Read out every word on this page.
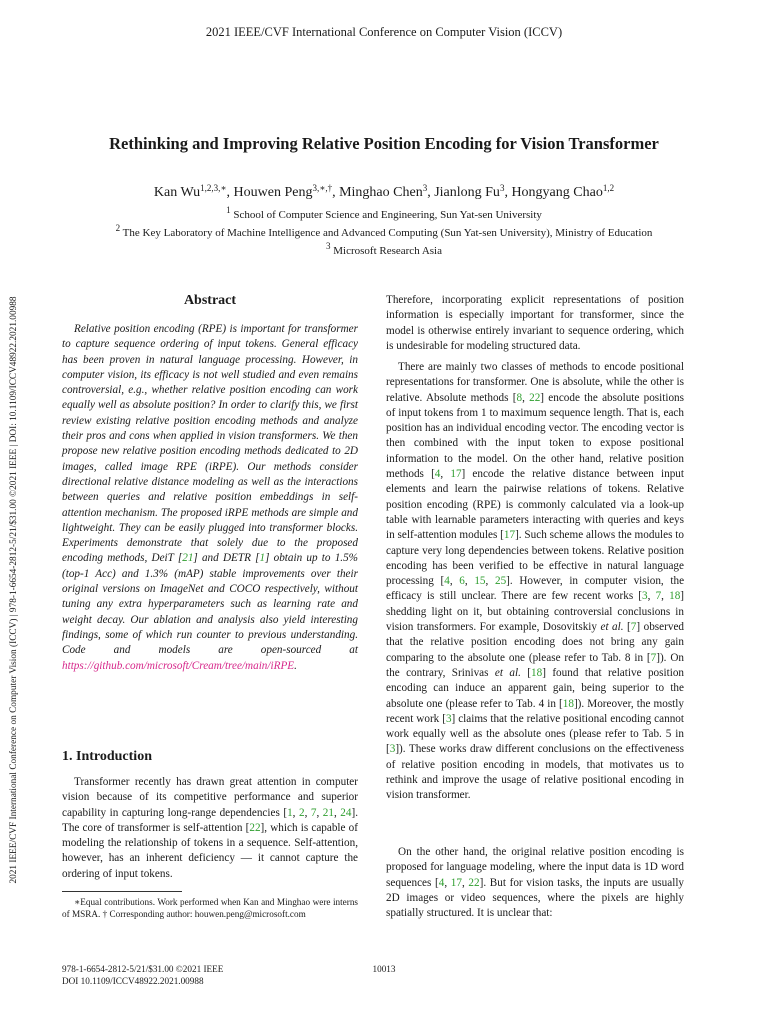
2021 IEEE/CVF International Conference on Computer Vision (ICCV)
Rethinking and Improving Relative Position Encoding for Vision Transformer
Kan $Wu^{1,2,3,∗}$, Houwen Peng$^{3,∗,\dagger}$, Minghao Chen$^3$, Jianlong Fu$^3$, Hongyang Chao$^{1,2}$
$^1$ School of Computer Science and Engineering, Sun Yat-sen University
$^2$ The Key Laboratory of Machine Intelligence and Advanced Computing (Sun Yat-sen University), Ministry of Education
$^3$ Microsoft Research Asia
2021 IEEE/CVF International Conference on Computer Vision (ICCV) | 978-1-6654-2812-5/21/$31.00 ©2021 IEEE | DOI: 10.1109/ICCV48922.2021.00988	Abstract

Relative position encoding (RPE) is important for transformer to capture sequence ordering of input tokens. General efficacy has been proven in natural language processing. However, in computer vision, its efficacy is not well studied and even remains controversial, e.g., whether relative position encoding can work equally well as absolute position? In order to clarify this, we first review existing relative position encoding methods and analyze their pros and cons when applied in vision transformers. We then propose new relative position encoding methods dedicated to 2D images, called image RPE (iRPE). Our methods consider directional relative distance modeling as well as the interactions between queries and relative position embeddings in self-attention mechanism. The proposed iRPE methods are simple and lightweight. They can be easily plugged into transformer blocks. Experiments demonstrate that solely due to the proposed encoding methods, DeiT [21] and DETR [1] obtain up to 1.5% (top-1 Acc) and 1.3% (mAP) stable improvements over their original versions on ImageNet and COCO respectively, without tuning any extra hyperparameters such as learning rate and weight decay. Our ablation and analysis also yield interesting findings, some of which run counter to previous understanding. Code and models are open-sourced at https://github.com/microsoft/Cream/tree/main/iRPE.

1. Introduction

Transformer recently has drawn great attention in computer vision because of its competitive performance and superior capability in capturing long-range dependencies [1, 2, 7, 21, 24]. The core of transformer is self-attention [22], which is capable of modeling the relationship of tokens in a sequence. Self-attention, however, has an inherent deficiency — it cannot capture the ordering of input tokens.

∗Equal contributions. Work performed when Kan and Minghao were interns of MSRA. † Corresponding author: houwen.peng@microsoft.com

Therefore, incorporating explicit representations of position information is especially important for transformer, since the model is otherwise entirely invariant to sequence ordering, which is undesirable for modeling structured data.

There are mainly two classes of methods to encode positional representations for transformer. One is absolute, while the other is relative. Absolute methods [8, 22] encode the absolute positions of input tokens from 1 to maximum sequence length. That is, each position has an individual encoding vector. The encoding vector is then combined with the input token to expose positional information to the model. On the other hand, relative position methods [4, 17] encode the relative distance between input elements and learn the pairwise relations of tokens. Relative position encoding (RPE) is commonly calculated via a look-up table with learnable parameters interacting with queries and keys in self-attention modules [17]. Such scheme allows the modules to capture very long dependencies between tokens. Relative position encoding has been verified to be effective in natural language processing [4, 6, 15, 25]. However, in computer vision, the efficacy is still unclear. There are few recent works [3, 7, 18] shedding light on it, but obtaining controversial conclusions in vision transformers. For example, Dosovitskiy et al. [7] observed that the relative position encoding does not bring any gain comparing to the absolute one (please refer to Tab. 8 in [7]). On the contrary, Srinivas et al. [18] found that relative position encoding can induce an apparent gain, being superior to the absolute one (please refer to Tab. 4 in [18]). Moreover, the mostly recent work [3] claims that the relative positional encoding cannot work equally well as the absolute ones (please refer to Tab. 5 in [3]). These works draw different conclusions on the effectiveness of relative position encoding in models, that motivates us to rethink and improve the usage of relative positional encoding in vision transformer.

On the other hand, the original relative position encoding is proposed for language modeling, where the input data is 1D word sequences [4, 17, 22]. But for vision tasks, the inputs are usually 2D images or video sequences, where the pixels are highly spatially structured. It is unclear that:

978-1-6654-2812-5/21/$31.00 ©2021 IEEE
DOI 10.1109/ICCV48922.2021.00988
10013
